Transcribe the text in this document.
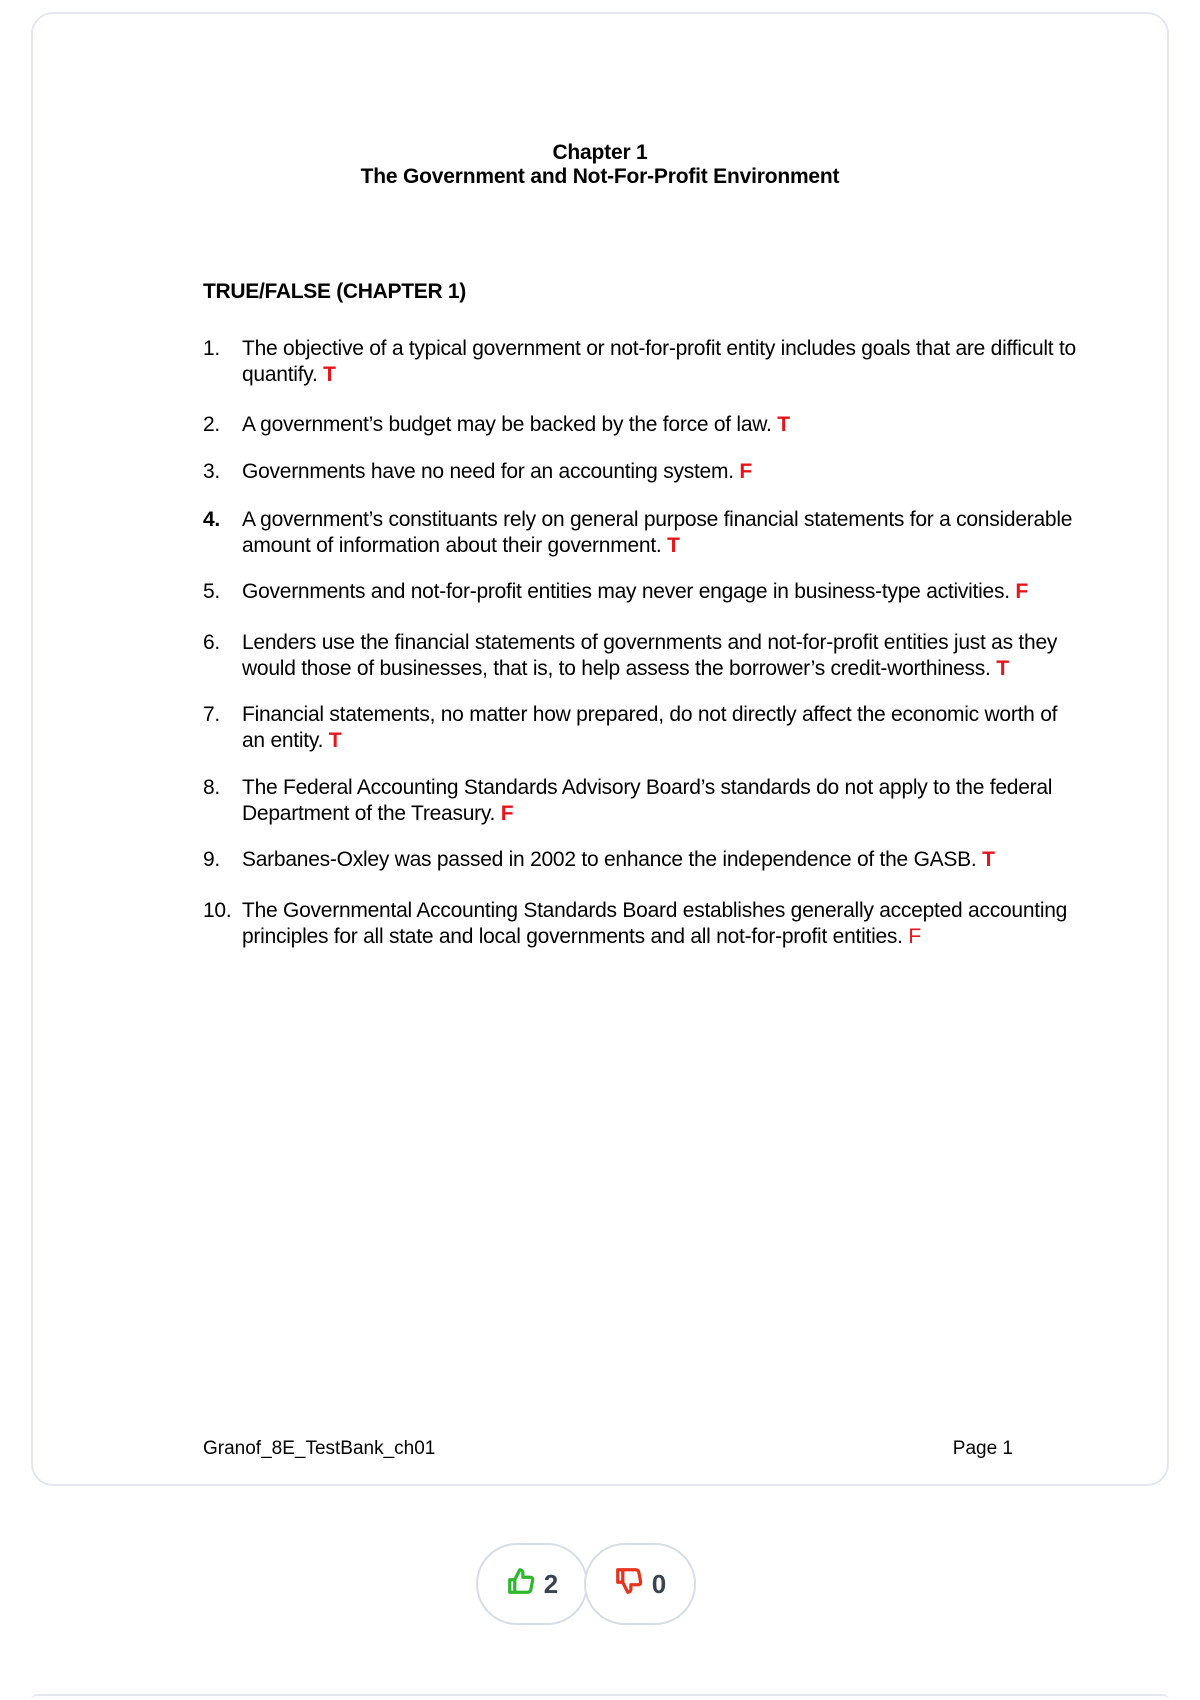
Chapter 1
The Government and Not-For-Profit Environment
TRUE/FALSE (CHAPTER 1)
1. The objective of a typical government or not-for-profit entity includes goals that are difficult to quantify. T
2. A government’s budget may be backed by the force of law. T
3. Governments have no need for an accounting system. F
4. A government’s constituants rely on general purpose financial statements for a considerable amount of information about their government. T
5. Governments and not-for-profit entities may never engage in business-type activities. F
6. Lenders use the financial statements of governments and not-for-profit entities just as they would those of businesses, that is, to help assess the borrower’s credit-worthiness. T
7. Financial statements, no matter how prepared, do not directly affect the economic worth of an entity. T
8. The Federal Accounting Standards Advisory Board’s standards do not apply to the federal Department of the Treasury. F
9. Sarbanes-Oxley was passed in 2002 to enhance the independence of the GASB. T
10. The Governmental Accounting Standards Board establishes generally accepted accounting principles for all state and local governments and all not-for-profit entities. F
Granof_8E_TestBank_ch01	Page 1
2	0
